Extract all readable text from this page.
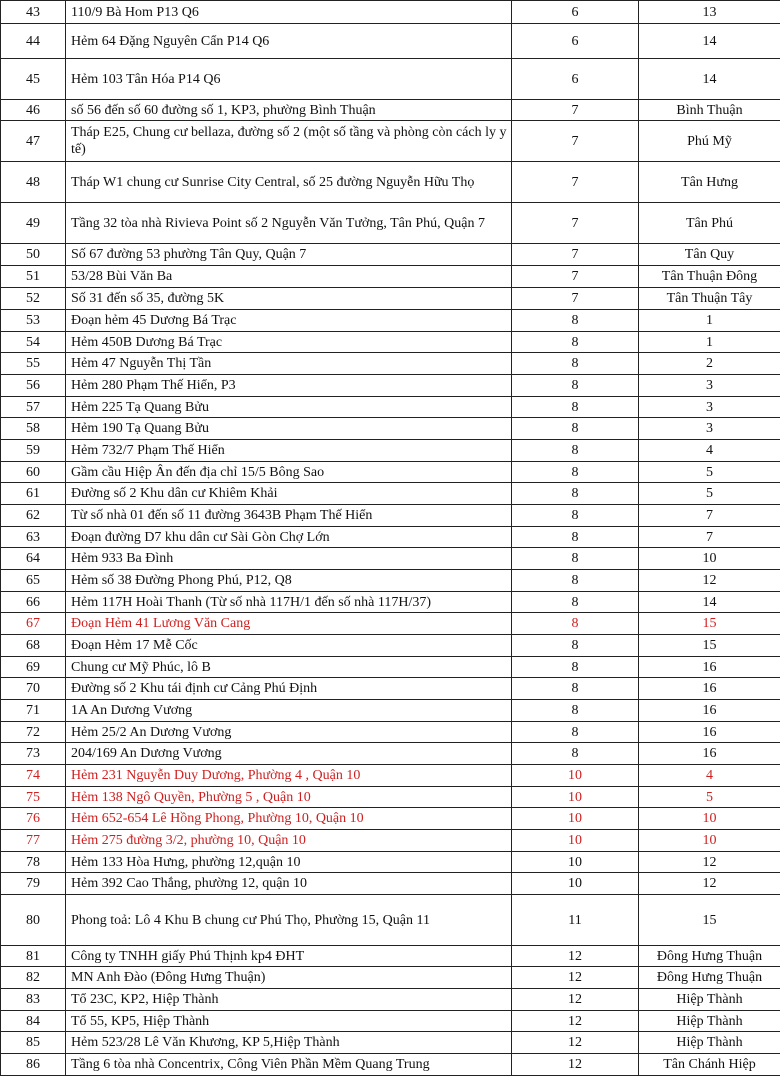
43	110/9 Bà Hom P13 Q6	6	13
44	Hẻm 64 Đặng Nguyên Cẩn P14 Q6	6	14
45	Hẻm 103 Tân Hóa P14 Q6	6	14
46	số 56 đến số 60 đường số 1, KP3, phường Bình Thuận	7	Bình Thuận
47	Tháp E25, Chung cư bellaza, đường số 2 (một số tầng và phòng còn cách ly y tế)	7	Phú Mỹ
48	Tháp W1 chung cư Sunrise City Central, số 25 đường Nguyễn Hữu Thọ	7	Tân Hưng
49	Tầng 32 tòa nhà Rivieva Point số 2 Nguyễn Văn Tưởng, Tân Phú, Quận 7	7	Tân Phú
50	Số 67 đường 53 phường Tân Quy, Quận 7	7	Tân Quy
51	53/28 Bùi Văn Ba	7	Tân Thuận Đông
52	Số 31 đến số 35, đường 5K	7	Tân Thuận Tây
53	Đoạn hẻm 45 Dương Bá Trạc	8	1
54	Hẻm 450B Dương Bá Trạc	8	1
55	Hẻm 47 Nguyễn Thị Tần	8	2
56	Hẻm 280 Phạm Thế Hiển, P3	8	3
57	Hẻm 225 Tạ Quang Bửu	8	3
58	Hẻm 190 Tạ Quang Bửu	8	3
59	Hẻm 732/7 Phạm Thế Hiển	8	4
60	Gầm cầu Hiệp Ân đến địa chỉ 15/5 Bông Sao	8	5
61	Đường số 2 Khu dân cư Khiêm Khải	8	5
62	Từ số nhà 01 đến số 11 đường 3643B Phạm Thế Hiển	8	7
63	Đoạn đường D7 khu dân cư Sài Gòn Chợ Lớn	8	7
64	Hẻm 933 Ba Đình	8	10
65	Hẻm số 38 Đường Phong Phú, P12, Q8	8	12
66	Hẻm 117H Hoài Thanh (Từ số nhà 117H/1 đến số nhà 117H/37)	8	14
67	Đoạn Hẻm 41 Lương Văn Cang	8	15
68	Đoạn Hẻm 17 Mễ Cốc	8	15
69	Chung cư Mỹ Phúc, lô B	8	16
70	Đường số 2 Khu tái định cư Cảng Phú Định	8	16
71	1A An Dương Vương	8	16
72	Hẻm 25/2 An Dương Vương	8	16
73	204/169 An Dương Vương	8	16
74	Hẻm 231 Nguyễn Duy Dương, Phường 4 , Quận 10	10	4
75	Hẻm 138 Ngô Quyền, Phường 5 , Quận 10	10	5
76	Hẻm 652-654 Lê Hồng Phong, Phường 10, Quận 10	10	10
77	Hẻm 275 đường 3/2, phường 10, Quận 10	10	10
78	Hẻm 133 Hòa Hưng, phường 12,quận 10	10	12
79	Hẻm 392 Cao Thắng, phường 12, quận 10	10	12
80	Phong toả: Lô 4 Khu B chung cư Phú Thọ, Phường 15, Quận 11	11	15
81	Công ty TNHH giấy Phú Thịnh kp4 ĐHT	12	Đông Hưng Thuận
82	MN Anh Đào (Đông Hưng Thuận)	12	Đông Hưng Thuận
83	Tổ 23C, KP2, Hiệp Thành	12	Hiệp Thành
84	Tổ 55, KP5, Hiệp Thành	12	Hiệp Thành
85	Hẻm 523/28 Lê Văn Khương, KP 5,Hiệp Thành	12	Hiệp Thành
86	Tầng 6 tòa nhà Concentrix, Công Viên Phần Mềm Quang Trung	12	Tân Chánh Hiệp
